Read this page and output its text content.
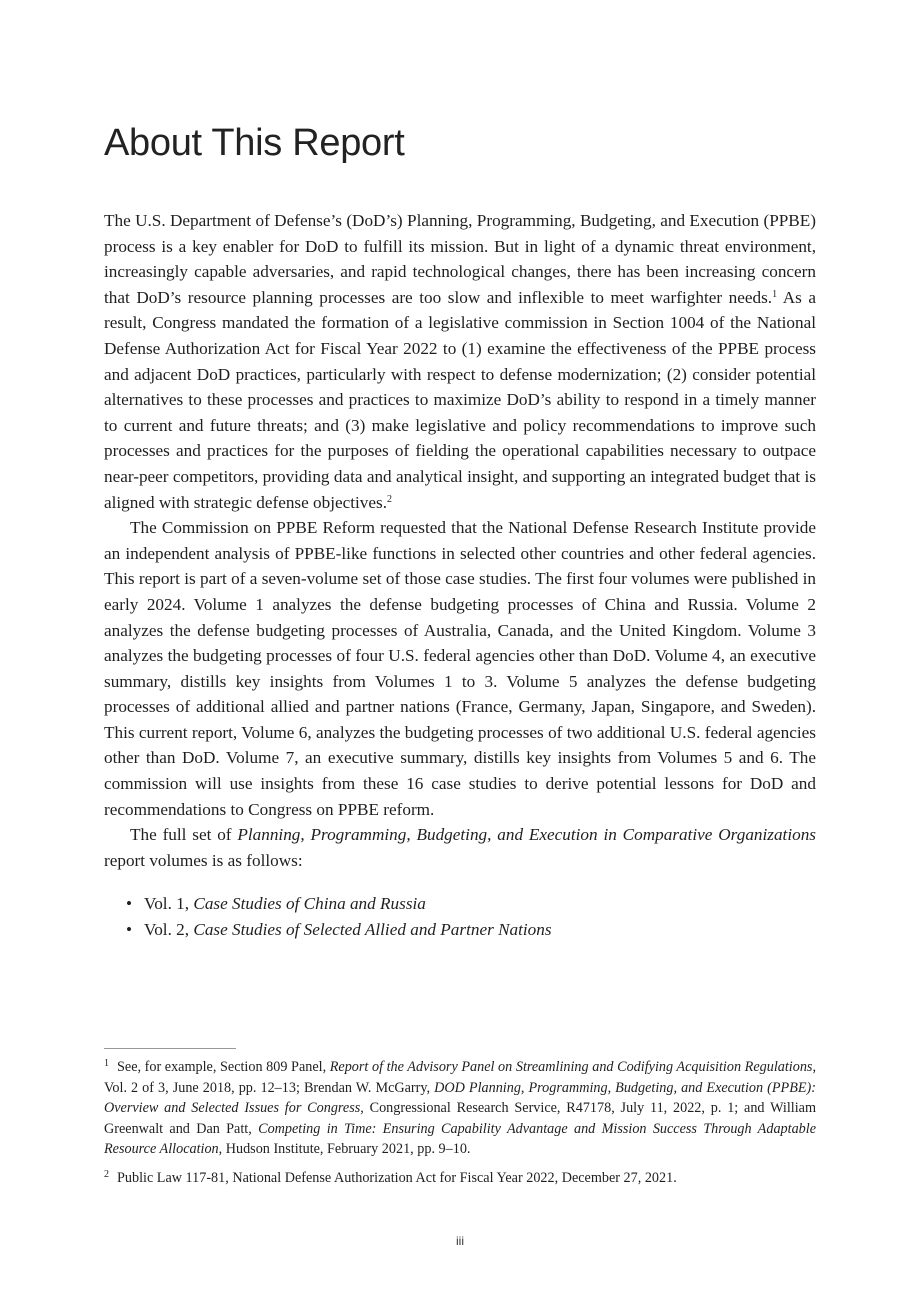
About This Report

The U.S. Department of Defense’s (DoD’s) Planning, Programming, Budgeting, and Execution (PPBE) process is a key enabler for DoD to fulfill its mission. But in light of a dynamic threat environment, increasingly capable adversaries, and rapid technological changes, there has been increasing concern that DoD’s resource planning processes are too slow and inflexible to meet warfighter needs.$^1$ As a result, Congress mandated the formation of a legislative commission in Section 1004 of the National Defense Authorization Act for Fiscal Year 2022 to (1) examine the effectiveness of the PPBE process and adjacent DoD practices, particularly with respect to defense modernization; (2) consider potential alternatives to these processes and practices to maximize DoD’s ability to respond in a timely manner to current and future threats; and (3) make legislative and policy recommendations to improve such processes and practices for the purposes of fielding the operational capabilities necessary to outpace near-peer competitors, providing data and analytical insight, and supporting an integrated budget that is aligned with strategic defense objectives.$^2$

The Commission on PPBE Reform requested that the National Defense Research Institute provide an independent analysis of PPBE-like functions in selected other countries and other federal agencies. This report is part of a seven-volume set of those case studies. The first four volumes were published in early 2024. Volume 1 analyzes the defense budgeting processes of China and Russia. Volume 2 analyzes the defense budgeting processes of Australia, Canada, and the United Kingdom. Volume 3 analyzes the budgeting processes of four U.S. federal agencies other than DoD. Volume 4, an executive summary, distills key insights from Volumes 1 to 3. Volume 5 analyzes the defense budgeting processes of additional allied and partner nations (France, Germany, Japan, Singapore, and Sweden). This current report, Volume 6, analyzes the budgeting processes of two additional U.S. federal agencies other than DoD. Volume 7, an executive summary, distills key insights from Volumes 5 and 6. The commission will use insights from these 16 case studies to derive potential lessons for DoD and recommendations to Congress on PPBE reform.

The full set of Planning, Programming, Budgeting, and Execution in Comparative Organizations report volumes is as follows:

• Vol. 1, Case Studies of China and Russia
• Vol. 2, Case Studies of Selected Allied and Partner Nations

$^1$ See, for example, Section 809 Panel, Report of the Advisory Panel on Streamlining and Codifying Acquisition Regulations, Vol. 2 of 3, June 2018, pp. 12–13; Brendan W. McGarry, DOD Planning, Programming, Budgeting, and Execution (PPBE): Overview and Selected Issues for Congress, Congressional Research Service, R47178, July 11, 2022, p. 1; and William Greenwalt and Dan Patt, Competing in Time: Ensuring Capability Advantage and Mission Success Through Adaptable Resource Allocation, Hudson Institute, February 2021, pp. 9–10.

$^2$ Public Law 117-81, National Defense Authorization Act for Fiscal Year 2022, December 27, 2021.

iii
